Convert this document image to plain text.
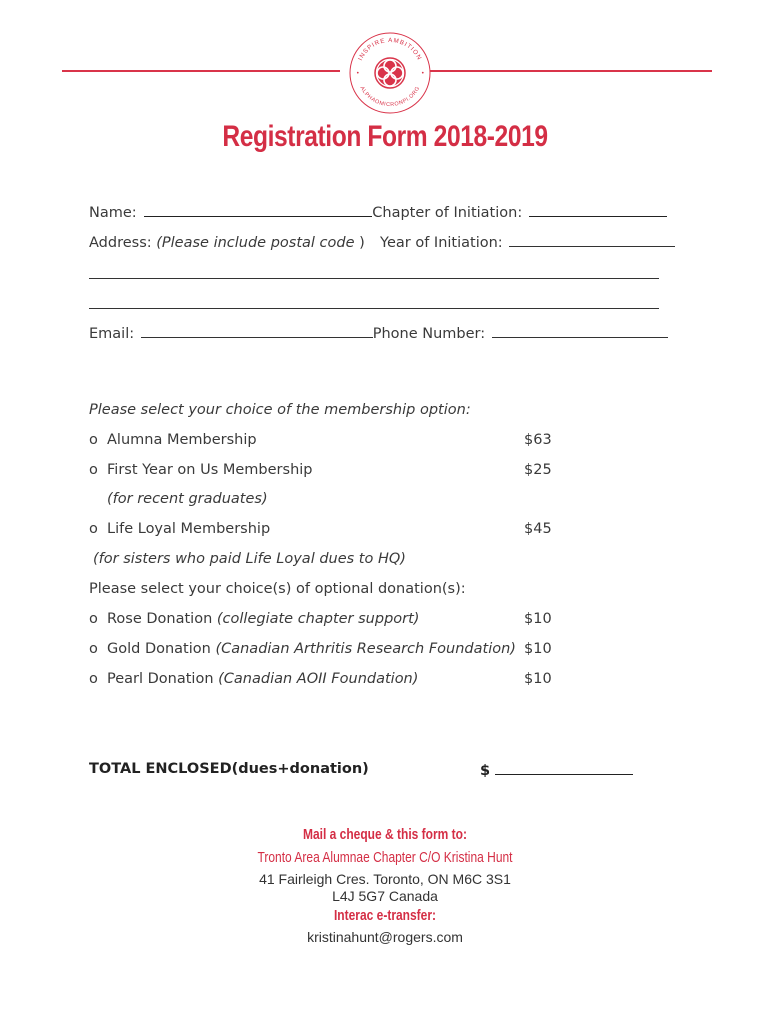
INSPIRE AMBITION
ALPHAOMICRONPI.ORG
•	•
Registration Form 2018-2019
Name:	Chapter of Initiation:
Address: (Please include postal code ) Year of Initiation:
Email:	Phone Number:
Please select your choice of the membership option:
o Alumna Membership	$63
o First Year on Us Membership	$25
(for recent graduates)
o Life Loyal Membership	$45
(for sisters who paid Life Loyal dues to HQ)
Please select your choice(s) of optional donation(s):
o Rose Donation (collegiate chapter support)	$10
o Gold Donation (Canadian Arthritis Research Foundation) $10
o Pearl Donation (Canadian AOII Foundation)	$10
TOTAL ENCLOSED(dues+donation)	$
Mail a cheque & this form to:
Tronto Area Alumnae Chapter C/O Kristina Hunt
41 Fairleigh Cres. Toronto, ON M6C 3S1
L4J 5G7 Canada
Interac e-transfer:
kristinahunt@rogers.com
